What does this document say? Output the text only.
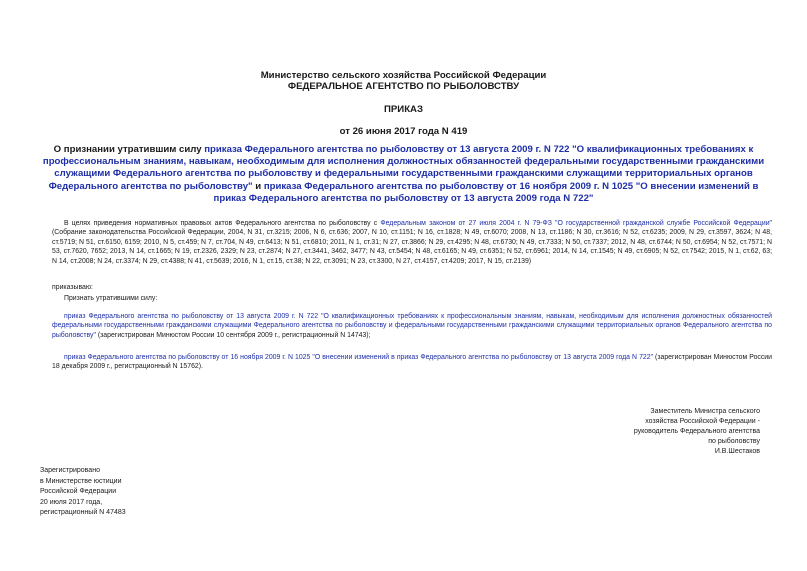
Министерство сельского хозяйства Российской Федерации
ФЕДЕРАЛЬНОЕ АГЕНТСТВО ПО РЫБОЛОВСТВУ
ПРИКАЗ
от 26 июня 2017 года N 419
О признании утратившим силу приказа Федерального агентства по рыболовству от 13 августа 2009 г. N 722 "О квалификационных требованиях к профессиональным знаниям, навыкам, необходимым для исполнения должностных обязанностей федеральными государственными гражданскими служащими Федерального агентства по рыболовству и федеральными государственными гражданскими служащими территориальных органов Федерального агентства по рыболовству" и приказа Федерального агентства по рыболовству от 16 ноября 2009 г. N 1025 "О внесении изменений в приказ Федерального агентства по рыболовству от 13 августа 2009 года N 722"
В целях приведения нормативных правовых актов Федерального агентства по рыболовству с Федеральным законом от 27 июля 2004 г. N 79-ФЗ "О государственной гражданской службе Российской Федерации" (Собрание законодательства Российской Федерации, 2004, N 31, ст.3215; 2006, N 6, ст.636; 2007, N 10, ст.1151; N 16, ст.1828; N 49, ст.6070; 2008, N 13, ст.1186; N 30, ст.3616; N 52, ст.6235; 2009, N 29, ст.3597, 3624; N 48, ст.5719; N 51, ст.6150, 6159; 2010, N 5, ст.459; N 7, ст.704, N 49, ст.6413; N 51, ст.6810; 2011, N 1, ст.31; N 27, ст.3866; N 29, ст.4295; N 48, ст.6730; N 49, ст.7333; N 50, ст.7337; 2012, N 48, ст.6744; N 50, ст.6954; N 52, ст.7571; N 53, ст.7620, 7652; 2013, N 14, ст.1665; N 19, ст.2326, 2329; N 23, ст.2874; N 27, ст.3441, 3462, 3477; N 43, ст.5454; N 48, ст.6165; N 49, ст.6351; N 52, ст.6961; 2014, N 14, ст.1545; N 49, ст.6905; N 52, ст.7542; 2015, N 1, ст.62, 63; N 14, ст.2008; N 24, ст.3374; N 29, ст.4388; N 41, ст.5639; 2016, N 1, ст.15, ст.38; N 22, ст.3091; N 23, ст.3300, N 27, ст.4157, ст.4209; 2017, N 15, ст.2139)
приказываю:
Признать утратившими силу:
приказ Федерального агентства по рыболовству от 13 августа 2009 г. N 722 "О квалификационных требованиях к профессиональным знаниям, навыкам, необходимым для исполнения должностных обязанностей федеральными государственными гражданскими служащими Федерального агентства по рыболовству и федеральными государственными гражданскими служащими территориальных органов Федерального агентства по рыболовству" (зарегистрирован Минюстом России 10 сентября 2009 г., регистрационный N 14743);
приказ Федерального агентства по рыболовству от 16 ноября 2009 г. N 1025 "О внесении изменений в приказ Федерального агентства по рыболовству от 13 августа 2009 года N 722" (зарегистрирован Минюстом России 18 декабря 2009 г., регистрационный N 15762).
Заместитель Министра сельского
хозяйства Российской Федерации -
руководитель Федерального агентства
по рыболовству
И.В.Шестаков
Зарегистрировано
в Министерстве юстиции
Российской Федерации
20 июля 2017 года,
регистрационный N 47483
